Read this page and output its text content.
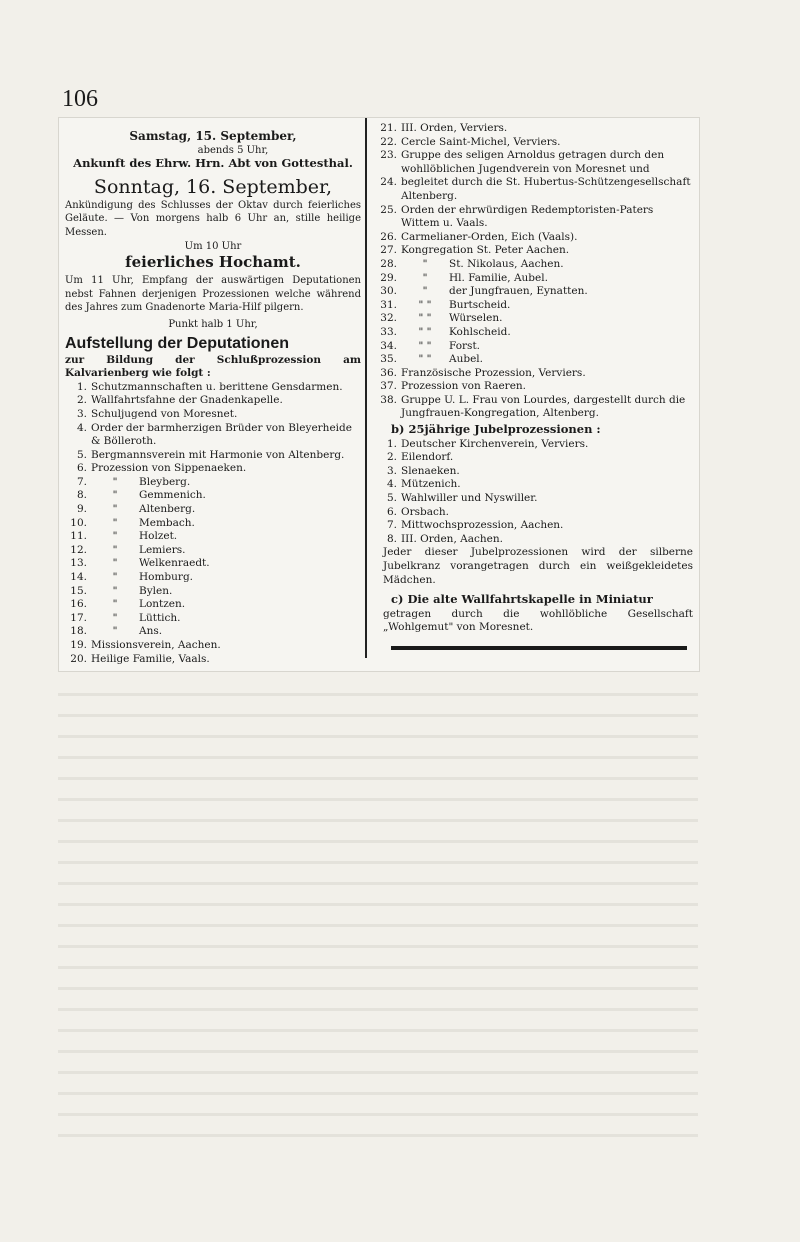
106

Samstag, 15. September,

abends 5 Uhr,

Ankunft des Ehrw. Hrn. Abt von Gottesthal.

Sonntag, 16. September,

Ankündigung des Schlusses der Oktav durch feierliches Geläute. — Von morgens halb 6 Uhr an, stille heilige Messen.

Um 10 Uhr

feierliches Hochamt.

Um 11 Uhr, Empfang der auswärtigen Deputationen nebst Fahnen derjenigen Prozessionen welche während des Jahres zum Gnadenorte Maria-Hilf pilgern.

Punkt halb 1 Uhr,

Aufstellung der Deputationen

zur Bildung der Schlußprozession am Kalvarienberg wie folgt :

1. Schutzmannschaften u. berittene Gensdarmen.
2. Wallfahrtsfahne der Gnadenkapelle.
3. Schuljugend von Moresnet.
4. Order der barmherzigen Brüder von Bleyerheide & Bölleroth.
5. Bergmannsverein mit Harmonie von Altenberg.
6. Prozession von Sippenaeken.
7.	"	Bleyberg.
8.	"	Gemmenich.
9.	"	Altenberg.
10.	"	Membach.
11.	"	Holzet.
12.	"	Lemiers.
13.	"	Welkenraedt.
14.	"	Homburg.
15.	"	Bylen.
16.	"	Lontzen.
17.	"	Lüttich.
18.	"	Ans.
19. Missionsverein, Aachen.
20. Heilige Familie, Vaals.
21. III. Orden, Verviers.
22. Cercle Saint-Michel, Verviers.
23. Gruppe des seligen Arnoldus getragen durch den wohllöblichen Jugendverein von Moresnet und
24. begleitet durch die St. Hubertus-Schützengesellschaft Altenberg.
25. Orden der ehrwürdigen Redemptoristen-Paters Wittem u. Vaals.
26. Carmelianer-Orden, Eich (Vaals).
27. Kongregation St. Peter Aachen.
28.	"	St. Nikolaus, Aachen.
29.	"	Hl. Familie, Aubel.
30.	"	der Jungfrauen, Eynatten.
31.	" "	Burtscheid.
32.	" "	Würselen.
33.	" "	Kohlscheid.
34.	" "	Forst.
35.	" "	Aubel.
36. Französische Prozession, Verviers.
37. Prozession von Raeren.
38. Gruppe U. L. Frau von Lourdes, dargestellt durch die Jungfrauen-Kongregation, Altenberg.

b) 25jährige Jubelprozessionen :

1. Deutscher Kirchenverein, Verviers.
2. Eilendorf.
3. Slenaeken.
4. Mützenich.
5. Wahlwiller und Nyswiller.
6. Orsbach.
7. Mittwochsprozession, Aachen.
8. III. Orden, Aachen.

Jeder dieser Jubelprozessionen wird der silberne Jubelkranz vorangetragen durch ein weißgekleidetes Mädchen.

c) Die alte Wallfahrtskapelle in Miniatur

getragen durch die wohllöbliche Gesellschaft „Wohlgemut" von Moresnet.
